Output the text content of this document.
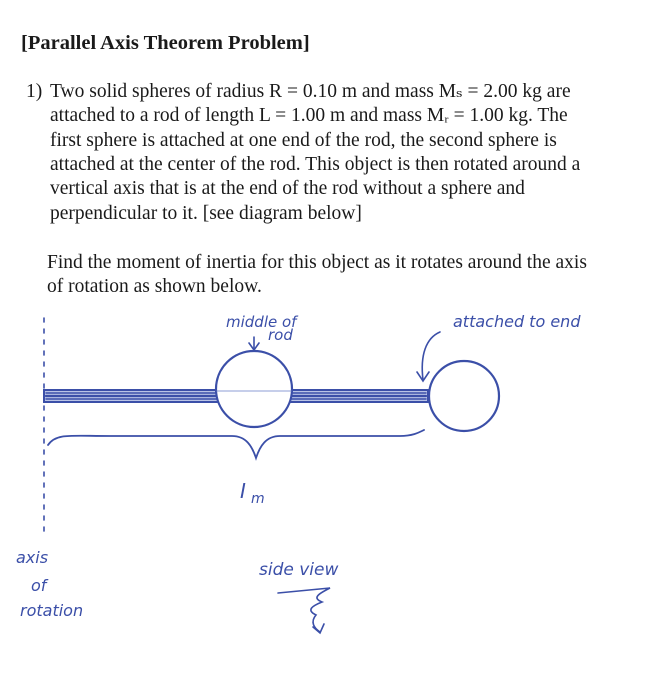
[Parallel Axis Theorem Problem]
1) Two solid spheres of radius R = 0.10 m and mass Mₛ = 2.00 kg are
attached to a rod of length L = 1.00 m and mass Mᵣ = 1.00 kg. The
first sphere is attached at one end of the rod, the second sphere is
attached at the center of the rod. This object is then rotated around a
vertical axis that is at the end of the rod without a sphere and
perpendicular to it. [see diagram below]
Find the moment of inertia for this object as it rotates around the axis
of rotation as shown below.
middle of
rod
attached to end
I m
axis
of
rotation
side view
